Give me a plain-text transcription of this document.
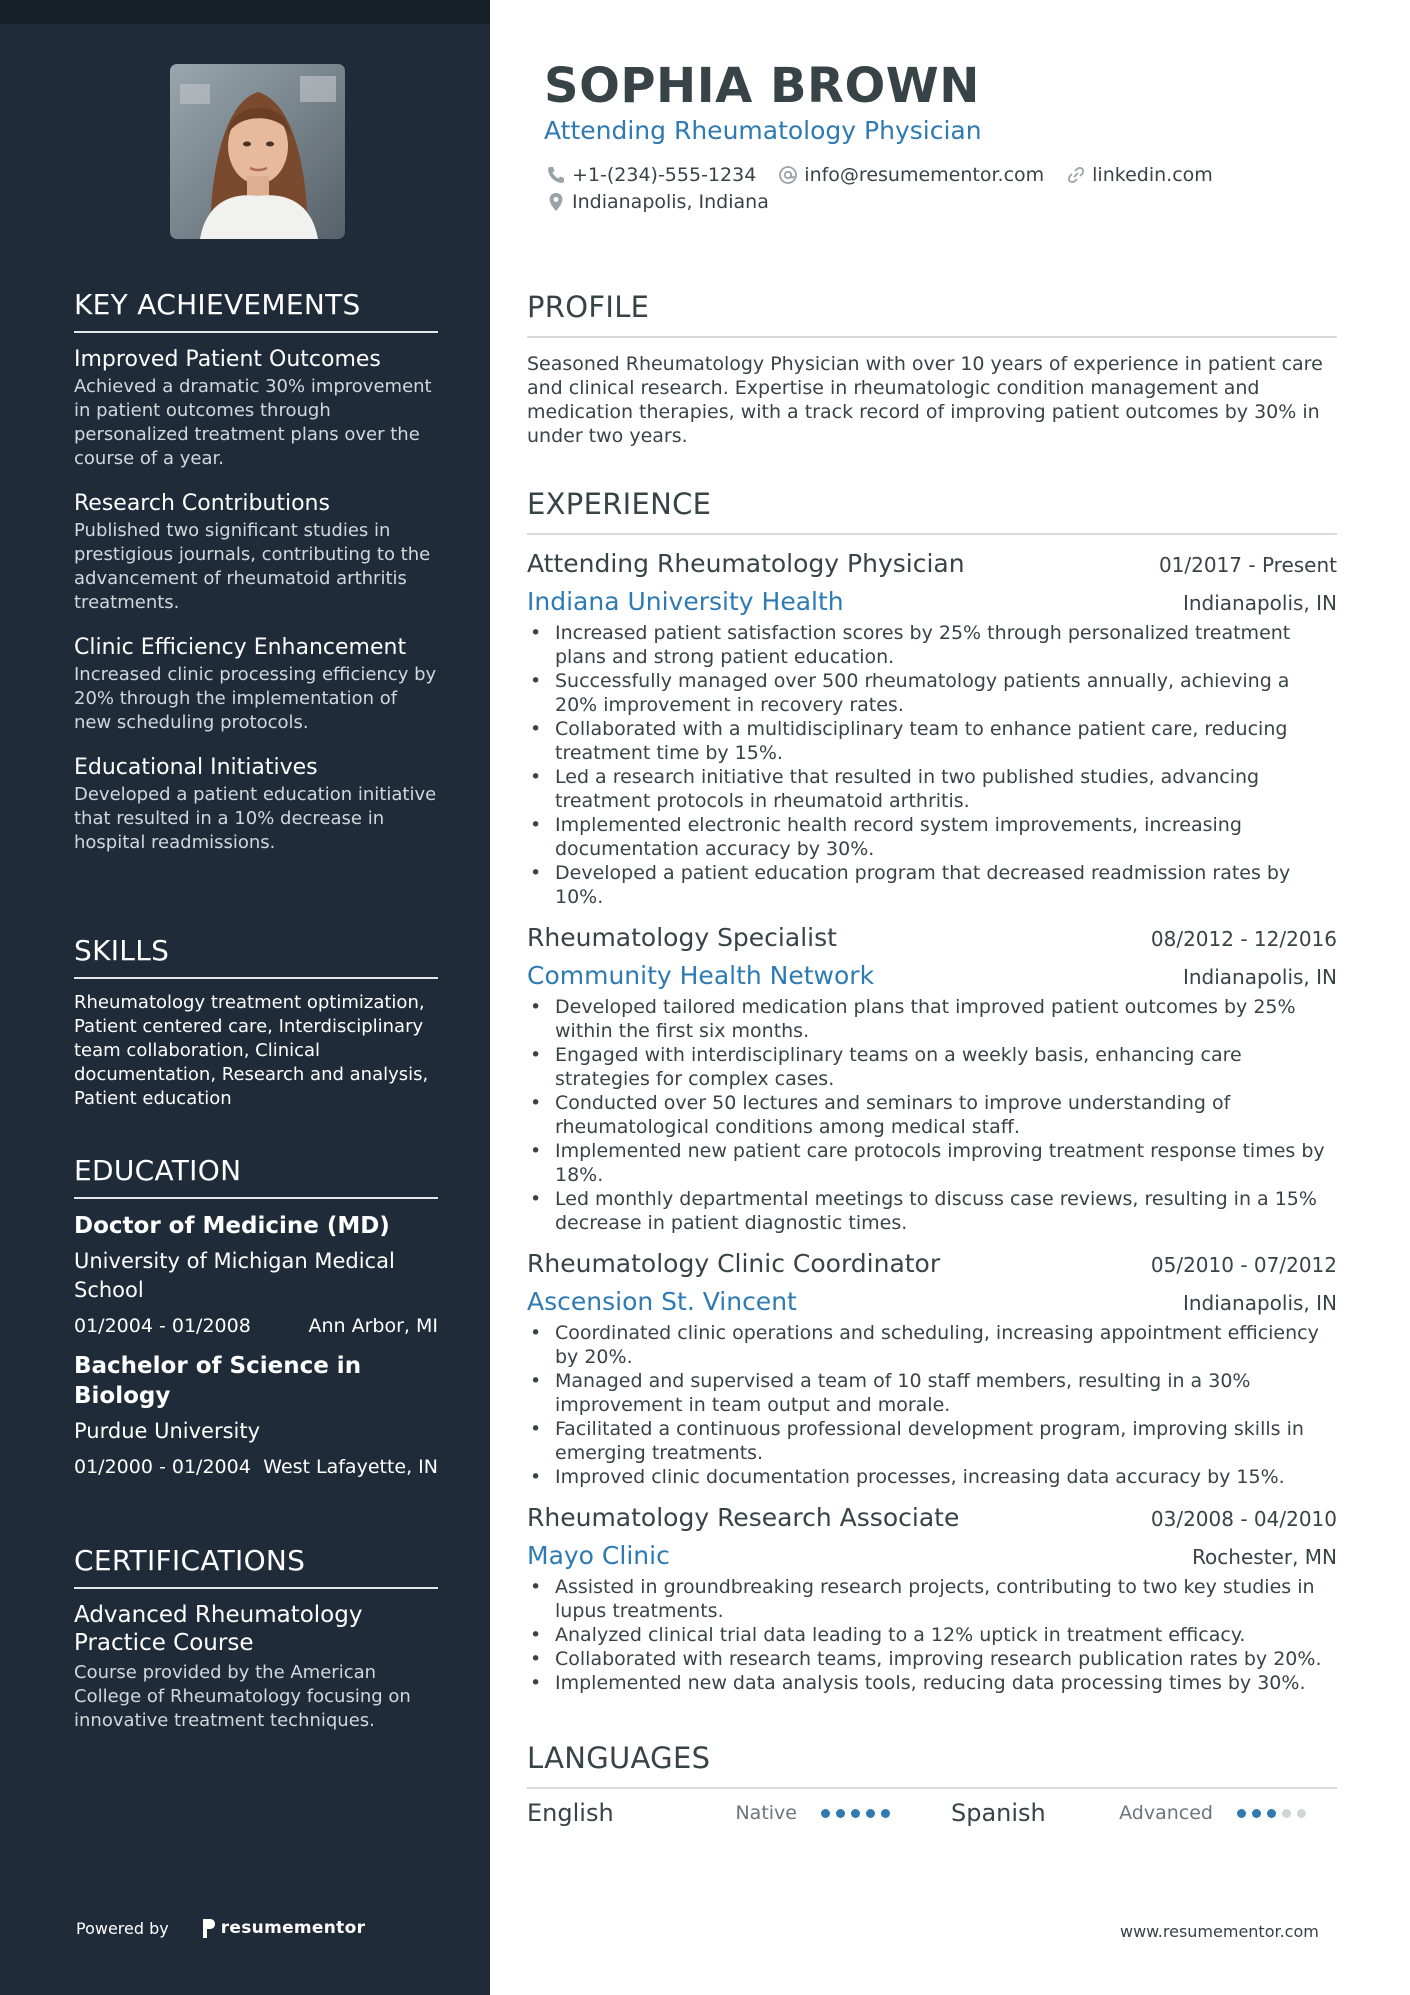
KEY ACHIEVEMENTS
Improved Patient Outcomes
Achieved a dramatic 30% improvement in patient outcomes through personalized treatment plans over the course of a year.
Research Contributions
Published two significant studies in prestigious journals, contributing to the advancement of rheumatoid arthritis treatments.
Clinic Efficiency Enhancement
Increased clinic processing efficiency by 20% through the implementation of new scheduling protocols.
Educational Initiatives
Developed a patient education initiative that resulted in a 10% decrease in hospital readmissions.
SKILLS
Rheumatology treatment optimization, Patient centered care, Interdisciplinary team collaboration, Clinical documentation, Research and analysis, Patient education
EDUCATION
Doctor of Medicine (MD)
University of Michigan Medical School
01/2004 - 01/2008	Ann Arbor, MI
Bachelor of Science in Biology
Purdue University
01/2000 - 01/2004 West Lafayette, IN
CERTIFICATIONS
Advanced Rheumatology Practice Course
Course provided by the American College of Rheumatology focusing on innovative treatment techniques.
Powered by	resumementor
SOPHIA BROWN
Attending Rheumatology Physician
+1-(234)-555-1234	info@resumementor.com	linkedin.com
Indianapolis, Indiana
PROFILE
Seasoned Rheumatology Physician with over 10 years of experience in patient care and clinical research. Expertise in rheumatologic condition management and medication therapies, with a track record of improving patient outcomes by 30% in under two years.
EXPERIENCE
Attending Rheumatology Physician	01/2017 - Present
Indiana University Health	Indianapolis, IN
• Increased patient satisfaction scores by 25% through personalized treatment plans and strong patient education.
• Successfully managed over 500 rheumatology patients annually, achieving a 20% improvement in recovery rates.
• Collaborated with a multidisciplinary team to enhance patient care, reducing treatment time by 15%.
• Led a research initiative that resulted in two published studies, advancing treatment protocols in rheumatoid arthritis.
• Implemented electronic health record system improvements, increasing documentation accuracy by 30%.
• Developed a patient education program that decreased readmission rates by 10%.
Rheumatology Specialist	08/2012 - 12/2016
Community Health Network	Indianapolis, IN
• Developed tailored medication plans that improved patient outcomes by 25% within the first six months.
• Engaged with interdisciplinary teams on a weekly basis, enhancing care strategies for complex cases.
• Conducted over 50 lectures and seminars to improve understanding of rheumatological conditions among medical staff.
• Implemented new patient care protocols improving treatment response times by 18%.
• Led monthly departmental meetings to discuss case reviews, resulting in a 15% decrease in patient diagnostic times.
Rheumatology Clinic Coordinator	05/2010 - 07/2012
Ascension St. Vincent	Indianapolis, IN
• Coordinated clinic operations and scheduling, increasing appointment efficiency by 20%.
• Managed and supervised a team of 10 staff members, resulting in a 30% improvement in team output and morale.
• Facilitated a continuous professional development program, improving skills in emerging treatments.
• Improved clinic documentation processes, increasing data accuracy by 15%.
Rheumatology Research Associate	03/2008 - 04/2010
Mayo Clinic	Rochester, MN
• Assisted in groundbreaking research projects, contributing to two key studies in lupus treatments.
• Analyzed clinical trial data leading to a 12% uptick in treatment efficacy.
• Collaborated with research teams, improving research publication rates by 20%.
• Implemented new data analysis tools, reducing data processing times by 30%.
LANGUAGES
English	Native	Spanish	Advanced
www.resumementor.com
